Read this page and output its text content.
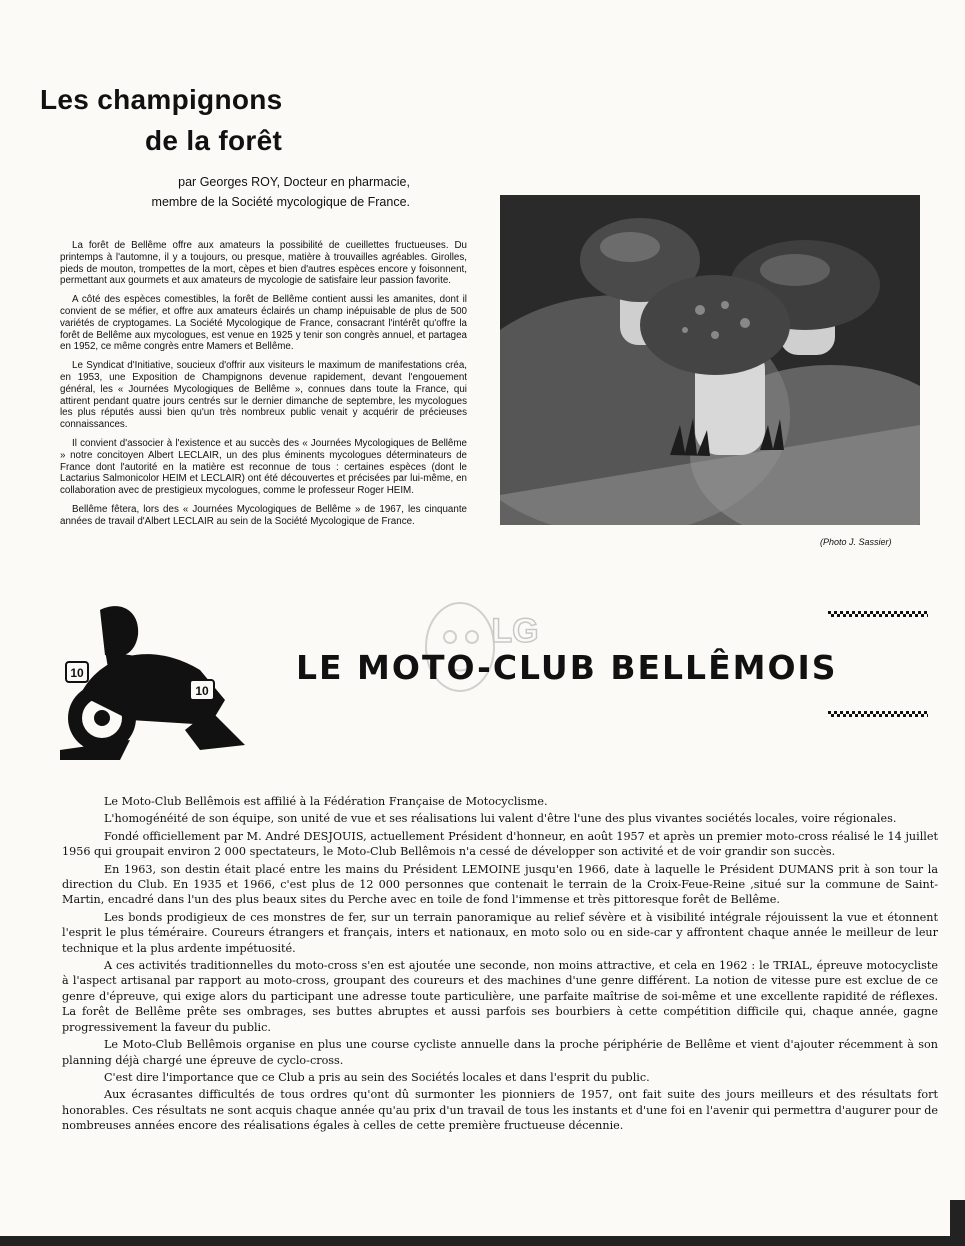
Les champignons
de la forêt
par Georges ROY, Docteur en pharmacie,
membre de la Société mycologique de France.

La forêt de Bellême offre aux amateurs la possibilité de cueillettes fructueuses. Du printemps à l'automne, il y a toujours, ou presque, matière à trouvailles agréables. Girolles, pieds de mouton, trompettes de la mort, cèpes et bien d'autres espèces encore y foisonnent, permettant aux gourmets et aux amateurs de mycologie de satisfaire leur passion favorite.

A côté des espèces comestibles, la forêt de Bellême contient aussi les amanites, dont il convient de se méfier, et offre aux amateurs éclairés un champ inépuisable de plus de 500 variétés de cryptogames. La Société Mycologique de France, consacrant l'intérêt qu'offre la forêt de Bellême aux mycologues, est venue en 1925 y tenir son congrès annuel, et partagea en 1952, ce même congrès entre Mamers et Bellême.

Le Syndicat d'Initiative, soucieux d'offrir aux visiteurs le maximum de manifestations créa, en 1953, une Exposition de Champignons devenue rapidement, devant l'engouement général, les « Journées Mycologiques de Bellême », connues dans toute la France, qui attirent pendant quatre jours centrés sur le dernier dimanche de septembre, les mycologues les plus réputés aussi bien qu'un très nombreux public venait y acquérir de précieuses connaissances.

Il convient d'associer à l'existence et au succès des « Journées Mycologiques de Bellême » notre concitoyen Albert LECLAIR, un des plus éminents mycologues déterminateurs de France dont l'autorité en la matière est reconnue de tous : certaines espèces (dont le Lactarius Salmonicolor HEIM et LECLAIR) ont été découvertes et précisées par lui-même, en collaboration avec de prestigieux mycologues, comme le professeur Roger HEIM.

Bellême fêtera, lors des « Journées Mycologiques de Bellême » de 1967, les cinquante années de travail d'Albert LECLAIR au sein de la Société Mycologique de France.

(Photo J. Sassier)
10
10
LG
LE MOTO-CLUB BELLÊMOIS

Le Moto-Club Bellêmois est affilié à la Fédération Française de Motocyclisme.

L'homogénéité de son équipe, son unité de vue et ses réalisations lui valent d'être l'une des plus vivantes sociétés locales, voire régionales.

Fondé officiellement par M. André DESJOUIS, actuellement Président d'honneur, en août 1957 et après un premier moto-cross réalisé le 14 juillet 1956 qui groupait environ 2 000 spectateurs, le Moto-Club Bellêmois n'a cessé de développer son activité et de voir grandir son succès.

En 1963, son destin était placé entre les mains du Président LEMOINE jusqu'en 1966, date à laquelle le Président DUMANS prit à son tour la direction du Club. En 1935 et 1966, c'est plus de 12 000 personnes que contenait le terrain de la Croix-Feue-Reine ,situé sur la commune de Saint-Martin, encadré dans l'un des plus beaux sites du Perche avec en toile de fond l'immense et très pittoresque forêt de Bellême.

Les bonds prodigieux de ces monstres de fer, sur un terrain panoramique au relief sévère et à visibilité intégrale réjouissent la vue et étonnent l'esprit le plus téméraire. Coureurs étrangers et français, inters et nationaux, en moto solo ou en side-car y affrontent chaque année le meilleur de leur technique et la plus ardente impétuosité.

A ces activités traditionnelles du moto-cross s'en est ajoutée une seconde, non moins attractive, et cela en 1962 : le TRIAL, épreuve motocycliste à l'aspect artisanal par rapport au moto-cross, groupant des coureurs et des machines d'une genre différent. La notion de vitesse pure est exclue de ce genre d'épreuve, qui exige alors du participant une adresse toute particulière, une parfaite maîtrise de soi-même et une excellente rapidité de réflexes. La forêt de Bellême prête ses ombrages, ses buttes abruptes et aussi parfois ses bourbiers à cette compétition difficile qui, chaque année, gagne progressivement la faveur du public.

Le Moto-Club Bellêmois organise en plus une course cycliste annuelle dans la proche périphérie de Bellême et vient d'ajouter récemment à son planning déjà chargé une épreuve de cyclo-cross.

C'est dire l'importance que ce Club a pris au sein des Sociétés locales et dans l'esprit du public.

Aux écrasantes difficultés de tous ordres qu'ont dû surmonter les pionniers de 1957, ont fait suite des jours meilleurs et des résultats fort honorables. Ces résultats ne sont acquis chaque année qu'au prix d'un travail de tous les instants et d'une foi en l'avenir qui permettra d'augurer pour de nombreuses années encore des réalisations égales à celles de cette première fructueuse décennie.
